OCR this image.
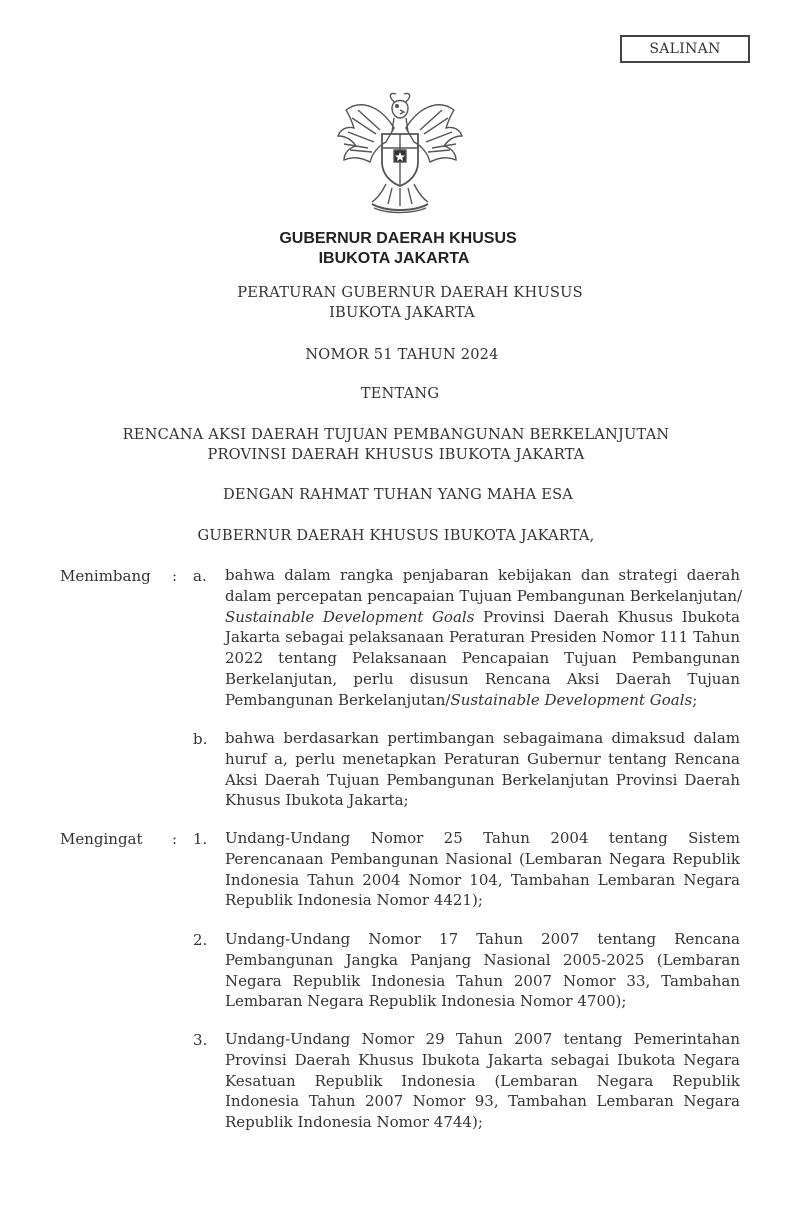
SALINAN
GUBERNUR DAERAH KHUSUS
IBUKOTA JAKARTA
PERATURAN GUBERNUR DAERAH KHUSUS
IBUKOTA JAKARTA
NOMOR 51 TAHUN 2024
TENTANG
RENCANA AKSI DAERAH TUJUAN PEMBANGUNAN BERKELANJUTAN
PROVINSI DAERAH KHUSUS IBUKOTA JAKARTA
DENGAN RAHMAT TUHAN YANG MAHA ESA
GUBERNUR DAERAH KHUSUS IBUKOTA JAKARTA,
Menimbang : a.	bahwa dalam rangka penjabaran kebijakan dan strategi daerah
dalam percepatan pencapaian Tujuan Pembangunan Berkelanjutan/
Sustainable Development Goals Provinsi Daerah Khusus Ibukota
Jakarta sebagai pelaksanaan Peraturan Presiden Nomor 111 Tahun
2022 tentang Pelaksanaan Pencapaian Tujuan Pembangunan
Berkelanjutan, perlu disusun Rencana Aksi Daerah Tujuan
Pembangunan Berkelanjutan/Sustainable Development Goals;
b.	bahwa berdasarkan pertimbangan sebagaimana dimaksud dalam
huruf a, perlu menetapkan Peraturan Gubernur tentang Rencana
Aksi Daerah Tujuan Pembangunan Berkelanjutan Provinsi Daerah
Khusus Ibukota Jakarta;
Mengingat : 1.	Undang-Undang Nomor 25 Tahun 2004 tentang Sistem
Perencanaan Pembangunan Nasional (Lembaran Negara Republik
Indonesia Tahun 2004 Nomor 104, Tambahan Lembaran Negara
Republik Indonesia Nomor 4421);
2.	Undang-Undang Nomor 17 Tahun 2007 tentang Rencana
Pembangunan Jangka Panjang Nasional 2005-2025 (Lembaran
Negara Republik Indonesia Tahun 2007 Nomor 33, Tambahan
Lembaran Negara Republik Indonesia Nomor 4700);
3.	Undang-Undang Nomor 29 Tahun 2007 tentang Pemerintahan
Provinsi Daerah Khusus Ibukota Jakarta sebagai Ibukota Negara
Kesatuan Republik Indonesia (Lembaran Negara Republik
Indonesia Tahun 2007 Nomor 93, Tambahan Lembaran Negara
Republik Indonesia Nomor 4744);
